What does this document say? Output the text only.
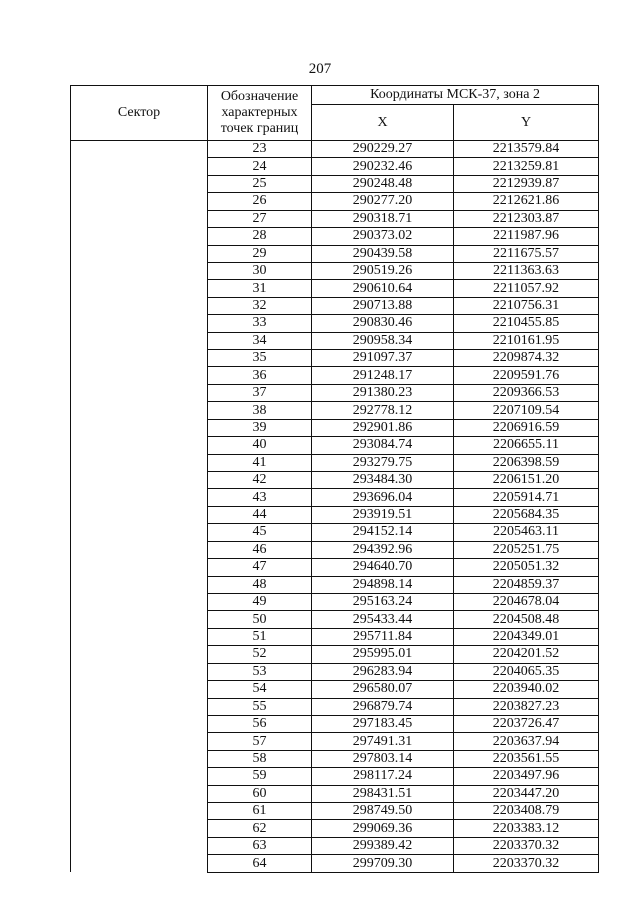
207
Сектор	Обозначение характерных точек границ	Координаты МСК-37, зона 2	
		X	Y
	23	290229.27	2213579.84
	24	290232.46	2213259.81
	25	290248.48	2212939.87
	26	290277.20	2212621.86
	27	290318.71	2212303.87
	28	290373.02	2211987.96
	29	290439.58	2211675.57
	30	290519.26	2211363.63
	31	290610.64	2211057.92
	32	290713.88	2210756.31
	33	290830.46	2210455.85
	34	290958.34	2210161.95
	35	291097.37	2209874.32
	36	291248.17	2209591.76
	37	291380.23	2209366.53
	38	292778.12	2207109.54
	39	292901.86	2206916.59
	40	293084.74	2206655.11
	41	293279.75	2206398.59
	42	293484.30	2206151.20
	43	293696.04	2205914.71
	44	293919.51	2205684.35
	45	294152.14	2205463.11
	46	294392.96	2205251.75
	47	294640.70	2205051.32
	48	294898.14	2204859.37
	49	295163.24	2204678.04
	50	295433.44	2204508.48
	51	295711.84	2204349.01
	52	295995.01	2204201.52
	53	296283.94	2204065.35
	54	296580.07	2203940.02
	55	296879.74	2203827.23
	56	297183.45	2203726.47
	57	297491.31	2203637.94
	58	297803.14	2203561.55
	59	298117.24	2203497.96
	60	298431.51	2203447.20
	61	298749.50	2203408.79
	62	299069.36	2203383.12
	63	299389.42	2203370.32
	64	299709.30	2203370.32
